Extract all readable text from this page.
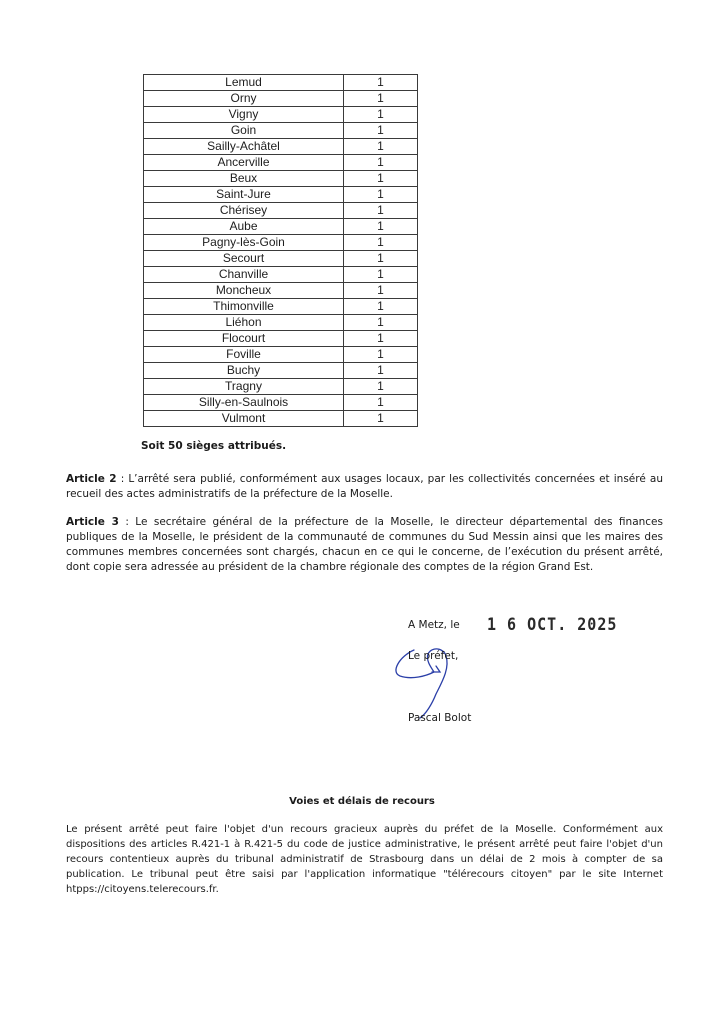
Lemud	1
Orny	1
Vigny	1
Goin	1
Sailly-Achâtel	1
Ancerville	1
Beux	1
Saint-Jure	1
Chérisey	1
Aube	1
Pagny-lès-Goin	1
Secourt	1
Chanville	1
Moncheux	1
Thimonville	1
Liéhon	1
Flocourt	1
Foville	1
Buchy	1
Tragny	1
Silly-en-Saulnois	1
Vulmont	1
Soit 50 sièges attribués.
Article 2 : L’arrêté sera publié, conformément aux usages locaux, par les collectivités concernées et inséré au recueil des actes administratifs de la préfecture de la Moselle.
Article 3 : Le secrétaire général de la préfecture de la Moselle, le directeur départemental des finances publiques de la Moselle, le président de la communauté de communes du Sud Messin ainsi que les maires des communes membres concernées sont chargés, chacun en ce qui le concerne, de l’exécution du présent arrêté, dont copie sera adressée au président de la chambre régionale des comptes de la région Grand Est.
A Metz, le 1 6 OCT. 2025
Le préfet,
Pascal Bolot
Voies et délais de recours
Le présent arrêté peut faire l'objet d'un recours gracieux auprès du préfet de la Moselle. Conformément aux dispositions des articles R.421-1 à R.421-5 du code de justice administrative, le présent arrêté peut faire l'objet d'un recours contentieux auprès du tribunal administratif de Strasbourg dans un délai de 2 mois à compter de sa publication. Le tribunal peut être saisi par l'application informatique "télérecours citoyen" par le site Internet htpps://citoyens.telerecours.fr.
